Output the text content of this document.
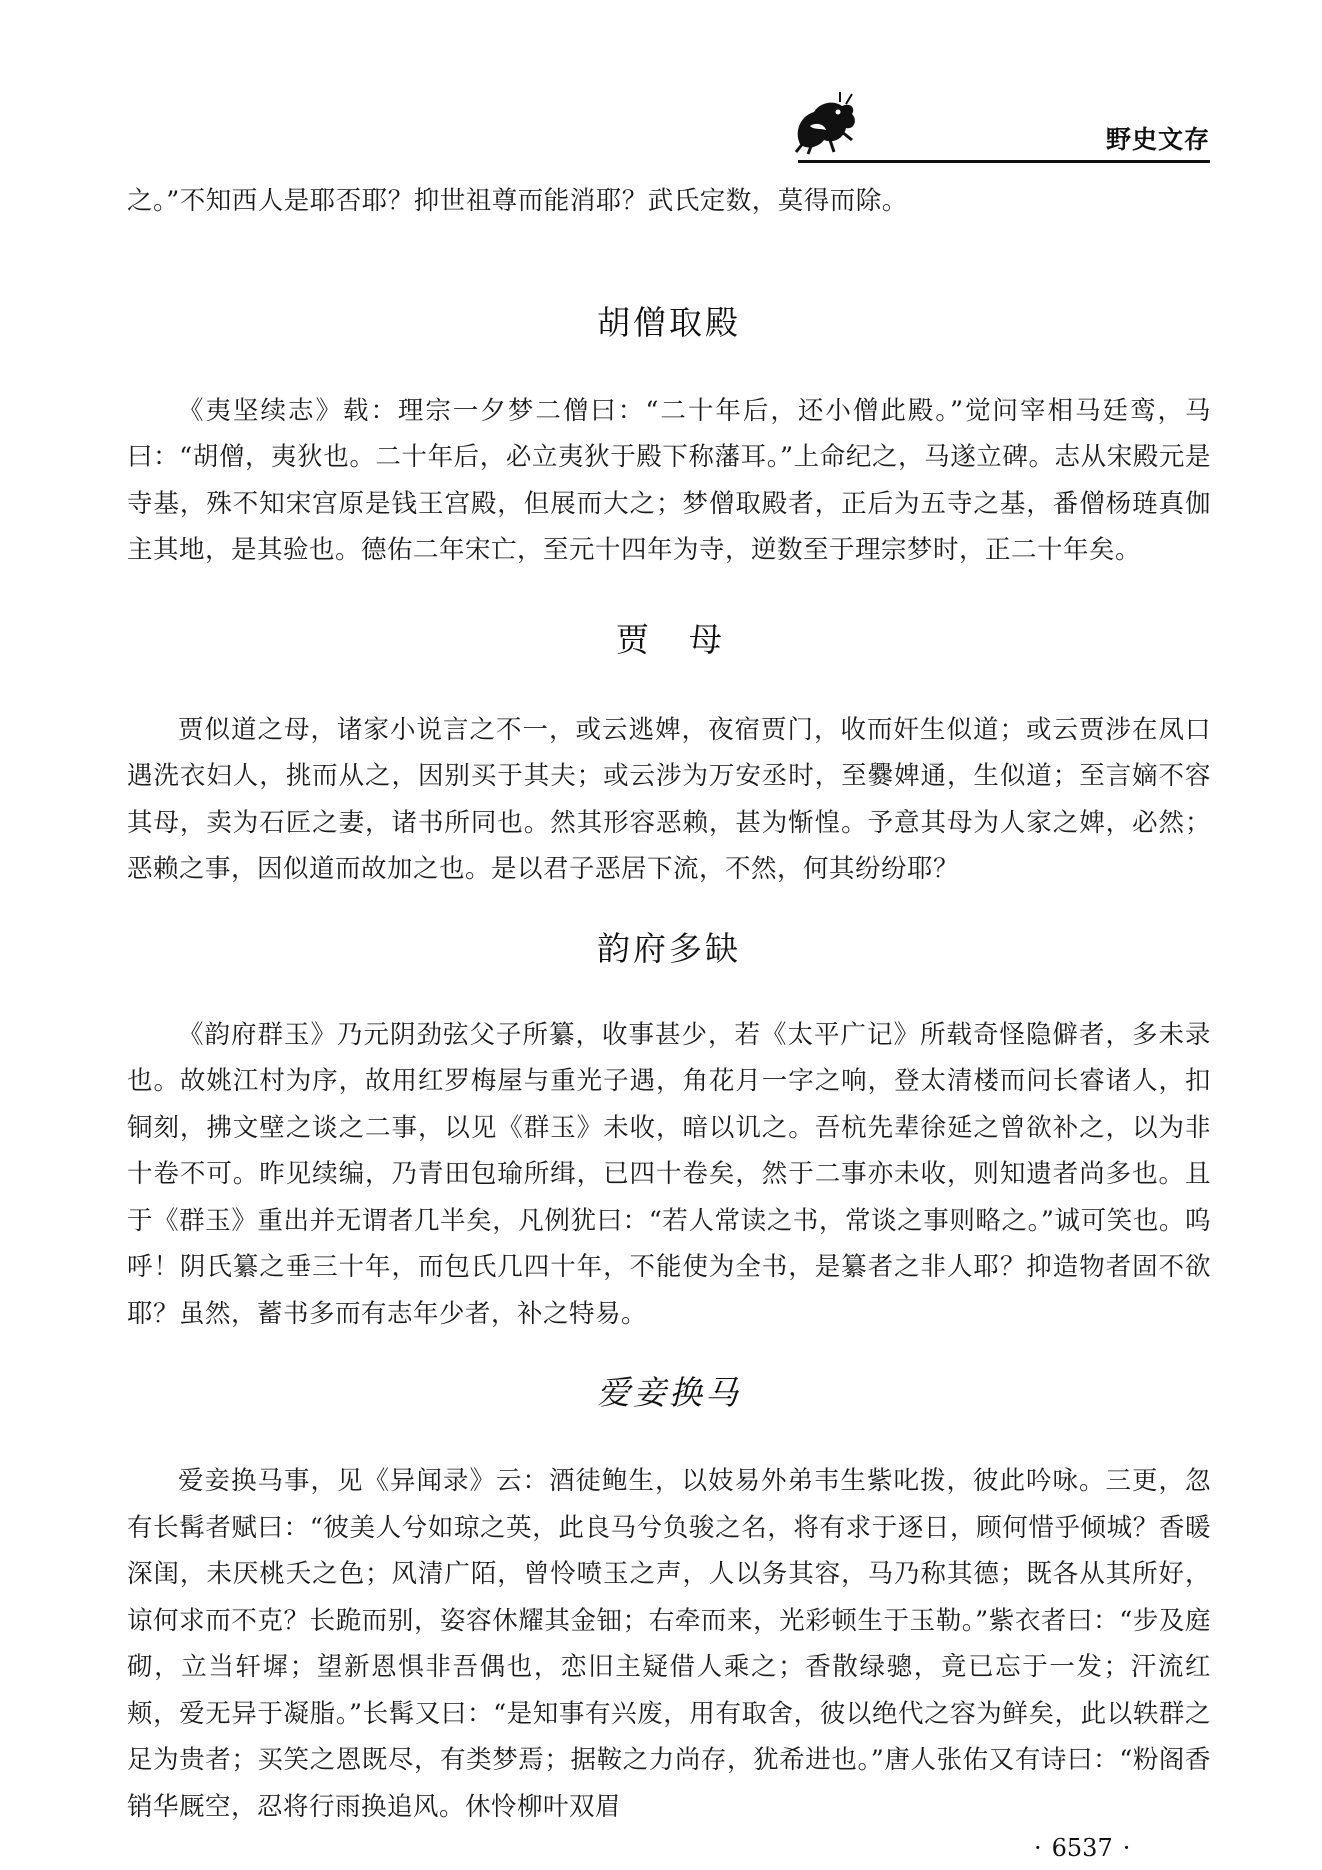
野史文存

之。”不知西人是耶否耶？抑世祖尊而能消耶？武氏定数，莫得而除。

胡僧取殿

《夷坚续志》载：理宗一夕梦二僧曰：“二十年后，还小僧此殿。”觉问宰相马廷鸾，马曰：“胡僧，夷狄也。二十年后，必立夷狄于殿下称藩耳。”上命纪之，马遂立碑。志从宋殿元是寺基，殊不知宋宫原是钱王宫殿，但展而大之；梦僧取殿者，正后为五寺之基，番僧杨琏真伽主其地，是其验也。德佑二年宋亡，至元十四年为寺，逆数至于理宗梦时，正二十年矣。

贾母

贾似道之母，诸家小说言之不一，或云逃婢，夜宿贾门，收而奸生似道；或云贾涉在凤口遇洗衣妇人，挑而从之，因别买于其夫；或云涉为万安丞时，至爨婢通，生似道；至言嫡不容其母，卖为石匠之妻，诸书所同也。然其形容恶赖，甚为惭惶。予意其母为人家之婢，必然；恶赖之事，因似道而故加之也。是以君子恶居下流，不然，何其纷纷耶？

韵府多缺

《韵府群玉》乃元阴劲弦父子所纂，收事甚少，若《太平广记》所载奇怪隐僻者，多未录也。故姚江村为序，故用红罗梅屋与重光子遇，角花月一字之响，登太清楼而问长睿诸人，扣铜刻，拂文壁之谈之二事，以见《群玉》未收，暗以讥之。吾杭先辈徐延之曾欲补之，以为非十卷不可。昨见续编，乃青田包瑜所缉，已四十卷矣，然于二事亦未收，则知遗者尚多也。且于《群玉》重出并无谓者几半矣，凡例犹曰：“若人常读之书，常谈之事则略之。”诚可笑也。呜呼！阴氏纂之垂三十年，而包氏几四十年，不能使为全书，是纂者之非人耶？抑造物者固不欲耶？虽然，蓄书多而有志年少者，补之特易。

爱妾换马

爱妾换马事，见《异闻录》云：酒徒鲍生，以妓易外弟韦生紫叱拨，彼此吟咏。三更，忽有长髯者赋曰：“彼美人兮如琼之英，此良马兮负骏之名，将有求于逐日，顾何惜乎倾城？香暖深闺，未厌桃夭之色；风清广陌，曾怜喷玉之声，人以务其容，马乃称其德；既各从其所好，谅何求而不克？长跪而别，姿容休耀其金钿；右牵而来，光彩顿生于玉勒。”紫衣者曰：“步及庭砌，立当轩墀；望新恩惧非吾偶也，恋旧主疑借人乘之；香散绿骢，竟已忘于一发；汗流红颊，爱无异于凝脂。”长髯又曰：“是知事有兴废，用有取舍，彼以绝代之容为鲜矣，此以轶群之足为贵者；买笑之恩既尽，有类梦焉；据鞍之力尚存，犹希进也。”唐人张佑又有诗曰：“粉阁香销华厩空，忍将行雨换追风。休怜柳叶双眉

· 6537 ·
